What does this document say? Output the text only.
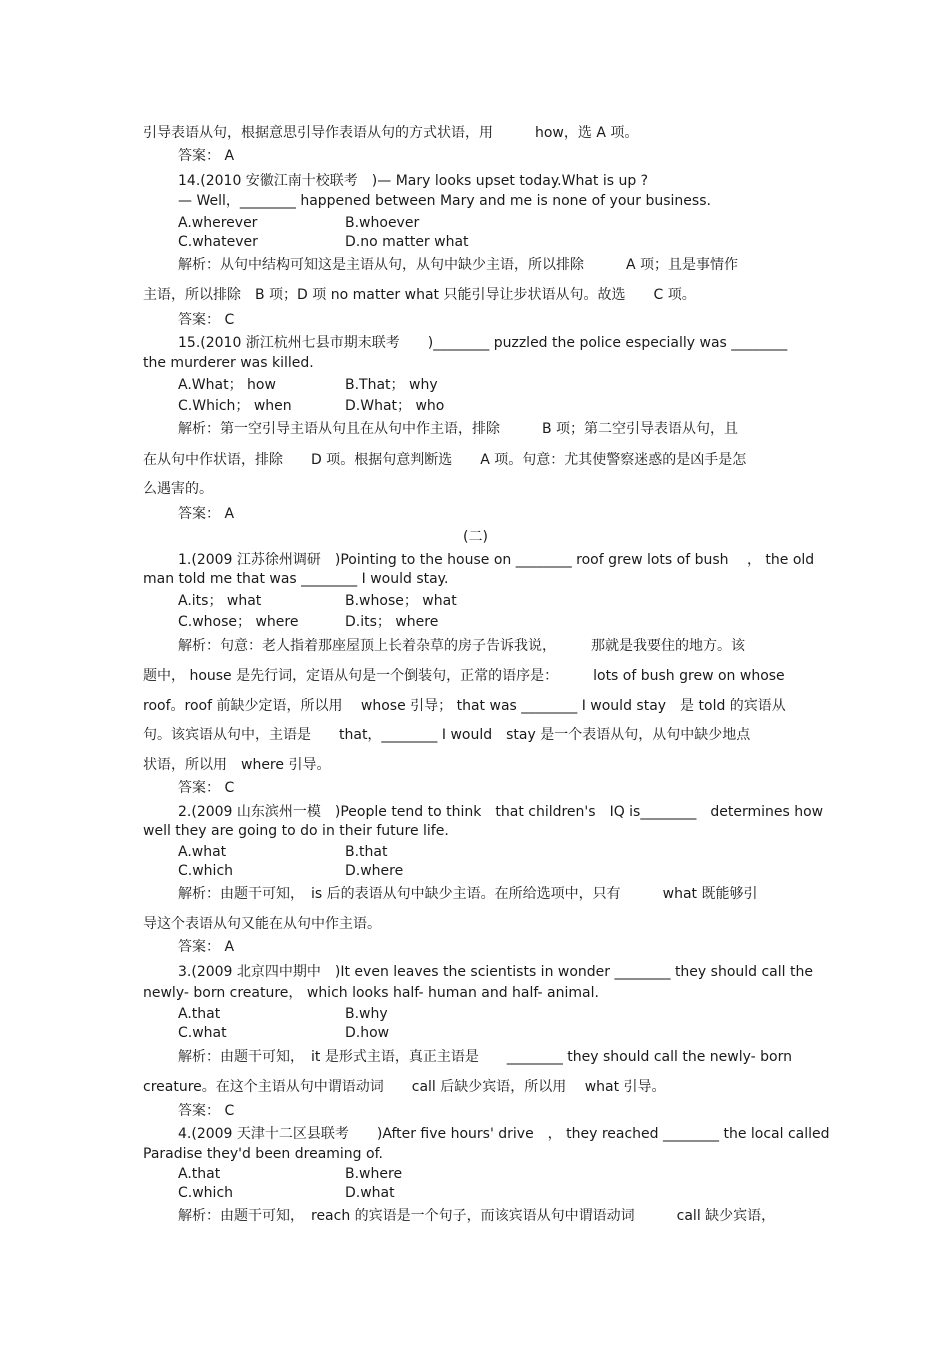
引导表语从句，根据意思引导作表语从句的方式状语，用　　　how，选 A 项。
答案： A
14.(2010 安徽江南十校联考　)— Mary looks upset today.What is up ?
— Well，________ happened between Mary and me is none of your business.
A.wherever	B.whoever
C.whatever	D.no matter what
解析：从句中结构可知这是主语从句，从句中缺少主语，所以排除　　　A 项；且是事情作
主语，所以排除　B 项；D 项 no matter what 只能引导让步状语从句。故选　　C 项。
答案： C
15.(2010 浙江杭州七县市期末联考　　)________ puzzled the police especially was ________
the murderer was killed.
A.What； how	B.That； why
C.Which； when	D.What； who
解析：第一空引导主语从句且在从句中作主语，排除　　　B 项；第二空引导表语从句，且
在从句中作状语，排除　　D 项。根据句意判断选　　A 项。句意：尤其使警察迷惑的是凶手是怎
么遇害的。
答案： A
(二)
1.(2009 江苏徐州调研　)Pointing to the house on ________ roof grew lots of bush　 ， the old
man told me that was ________ I would stay.
A.its； what	B.whose； what
C.whose； where	D.its； where
解析：句意：老人指着那座屋顶上长着杂草的房子告诉我说，　　　那就是我要住的地方。该
题中， house 是先行词，定语从句是一个倒装句，正常的语序是：　　　lots of bush grew on whose
roof。roof 前缺少定语，所以用　 whose 引导； that was ________ I would stay　是 told 的宾语从
句。该宾语从句中，主语是　　that，________ I would　stay 是一个表语从句，从句中缺少地点
状语，所以用　where 引导。
答案： C
2.(2009 山东滨州一模　)People tend to think　that children's　IQ is________　determines how
well they are going to do in their future life.
A.what	B.that
C.which	D.where
解析：由题干可知，　is 后的表语从句中缺少主语。在所给选项中，只有　　　what 既能够引
导这个表语从句又能在从句中作主语。
答案： A
3.(2009 北京四中期中　)It even leaves the scientists in wonder ________ they should call the
newly- born creature， which looks half- human and half- animal.
A.that	B.why
C.what	D.how
解析：由题干可知，　it 是形式主语，真正主语是　　________ they should call the newly- born
creature。在这个主语从句中谓语动词　　call 后缺少宾语，所以用　 what 引导。
答案： C
4.(2009 天津十二区县联考　　)After five hours' drive　， they reached ________ the local called
Paradise they'd been dreaming of.
A.that	B.where
C.which	D.what
解析：由题干可知，　reach 的宾语是一个句子，而该宾语从句中谓语动词　　　call 缺少宾语，
